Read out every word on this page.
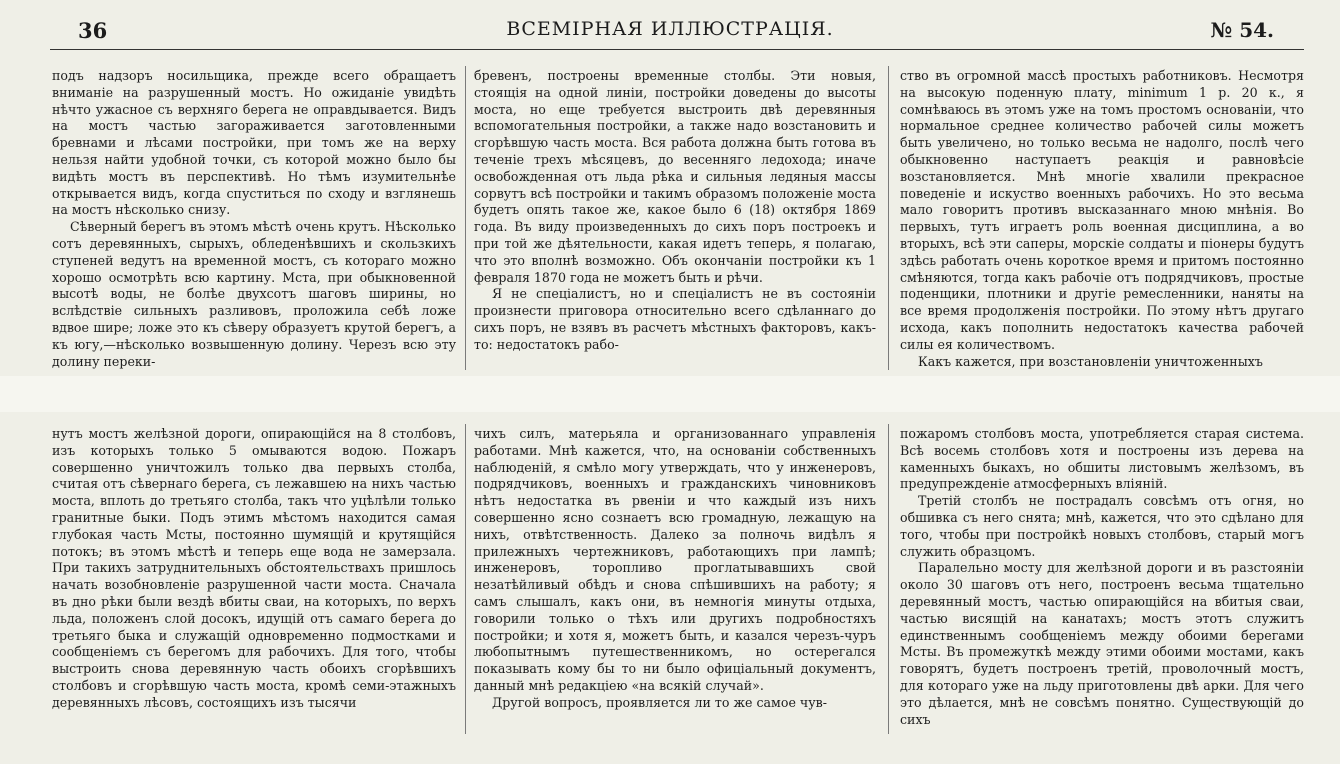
36	ВСЕМIРНАЯ ИЛЛЮСТРАЦIЯ.	№ 54.

подъ надзоръ носильщика, прежде всего обращаетъ вниманiе на разрушенный мостъ. Но ожиданiе увидѣть нѣчто ужасное съ верхняго берега не оправдывается. Видъ на мостъ частью загораживается заготовленными бревнами и лѣсами постройки, при томъ же на верху нельзя найти удобной точки, съ которой можно было бы видѣть мостъ въ перспективѣ. Но тѣмъ изумительнѣе открывается видъ, когда спуститься по сходу и взглянешь на мостъ нѣсколько снизу.

Сѣверный берегъ въ этомъ мѣстѣ очень крутъ. Нѣсколько сотъ деревянныхъ, сырыхъ, обледенѣвшихъ и скользкихъ ступеней ведутъ на временной мостъ, съ котораго можно хорошо осмотрѣть всю картину. Мста, при обыкновенной высотѣ воды, не болѣе двухсотъ шаговъ ширины, но вслѣдствiе сильныхъ разливовъ, проложила себѣ ложе вдвое шире; ложе это къ сѣверу образуетъ крутой берегъ, а къ югу,—нѣсколько возвышенную долину. Черезъ всю эту долину переки-

бревенъ, построены временные столбы. Эти новыя, стоящiя на одной линiи, постройки доведены до высоты моста, но еще требуется выстроить двѣ деревянныя вспомогательныя постройки, а также надо возстановить и сгорѣвшую часть моста. Вся работа должна быть готова въ теченiе трехъ мѣсяцевъ, до весенняго ледохода; иначе освобожденная отъ льда рѣка и сильныя ледяныя массы сорвутъ всѣ постройки и такимъ образомъ положенiе моста будетъ опять такое же, какое было 6 (18) октября 1869 года. Въ виду произведенныхъ до сихъ поръ построекъ и при той же дѣятельности, какая идетъ теперь, я полагаю, что это вполнѣ возможно. Объ окончанiи постройки къ 1 февраля 1870 года не можетъ быть и рѣчи.

Я не спецiалистъ, но и спецiалистъ не въ состоянiи произнести приговора относительно всего сдѣланнаго до сихъ поръ, не взявъ въ расчетъ мѣстныхъ факторовъ, какъ-то: недостатокъ рабо-

ство въ огромной массѣ простыхъ работниковъ. Несмотря на высокую поденную плату, minimum 1 р. 20 к., я сомнѣваюсь въ этомъ уже на томъ простомъ основанiи, что нормальное среднее количество рабочей силы можетъ быть увеличено, но только весьма не надолго, послѣ чего обыкновенно наступаетъ реакцiя и равновѣсiе возстановляется. Мнѣ многiе хвалили прекрасное поведенiе и искуство военныхъ рабочихъ. Но это весьма мало говоритъ противъ высказаннаго мною мнѣнiя. Во первыхъ, тутъ играетъ роль военная дисциплина, а во вторыхъ, всѣ эти саперы, морскiе солдаты и пiонеры будутъ здѣсь работать очень короткое время и притомъ постоянно смѣняются, тогда какъ рабочiе отъ подрядчиковъ, простые поденщики, плотники и другiе ремесленники, наняты на все время продолженiя постройки. По этому нѣтъ другаго исхода, какъ пополнить недостатокъ качества рабочей силы ея количествомъ.

Какъ кажется, при возстановленiи уничтоженныхъ

нутъ мостъ желѣзной дороги, опирающiйся на 8 столбовъ, изъ которыхъ только 5 омываются водою. Пожаръ совершенно уничтожилъ только два первыхъ столба, считая отъ сѣвернаго берега, съ лежавшею на нихъ частью моста, вплоть до третьяго столба, такъ что уцѣлѣли только гранитные быки. Подъ этимъ мѣстомъ находится самая глубокая часть Мсты, постоянно шумящiй и крутящiйся потокъ; въ этомъ мѣстѣ и теперь еще вода не замерзала. При такихъ затруднительныхъ обстоятельствахъ пришлось начать возобновленiе разрушенной части моста. Сначала въ дно рѣки были вездѣ вбиты сваи, на которыхъ, по верхъ льда, положенъ слой досокъ, идущiй отъ самаго берега до третьяго быка и служащiй одновременно подмостками и сообщенiемъ съ берегомъ для рабочихъ. Для того, чтобы выстроить снова деревянную часть обоихъ сгорѣвшихъ столбовъ и сгорѣвшую часть моста, кромѣ семи-этажныхъ деревянныхъ лѣсовъ, состоящихъ изъ тысячи

чихъ силъ, матерьяла и организованнаго управленiя работами. Мнѣ кажется, что, на основанiи собственныхъ наблюденiй, я смѣло могу утверждать, что у инженеровъ, подрядчиковъ, военныхъ и гражданскихъ чиновниковъ нѣтъ недостатка въ рвенiи и что каждый изъ нихъ совершенно ясно сознаетъ всю громадную, лежащую на нихъ, отвѣтственность. Далеко за полночь видѣлъ я прилежныхъ чертежниковъ, работающихъ при лампѣ; инженеровъ, торопливо проглатывавшихъ свой незатѣйливый обѣдъ и снова спѣшившихъ на работу; я самъ слышалъ, какъ они, въ немногiя минуты отдыха, говорили только о тѣхъ или другихъ подробностяхъ постройки; и хотя я, можетъ быть, и казался черезъ-чуръ любопытнымъ путешественникомъ, но остерегался показывать кому бы то ни было офицiальный документъ, данный мнѣ редакцiею «на всякiй случай».

Другой вопросъ, проявляется ли то же самое чув-

пожаромъ столбовъ моста, употребляется старая система. Всѣ восемь столбовъ хотя и построены изъ дерева на каменныхъ быкахъ, но обшиты листовымъ желѣзомъ, въ предупрежденiе атмосферныхъ влiянiй.

Третiй столбъ не пострадалъ совсѣмъ отъ огня, но обшивка съ него снята; мнѣ, кажется, что это сдѣлано для того, чтобы при постройкѣ новыхъ столбовъ, старый могъ служить образцомъ.

Паралельно мосту для желѣзной дороги и въ разстоянiи около 30 шаговъ отъ него, построенъ весьма тщательно деревянный мостъ, частью опирающiйся на вбитыя сваи, частью висящiй на канатахъ; мостъ этотъ служитъ единственнымъ сообщенiемъ между обоими берегами Мсты. Въ промежуткѣ между этими обоими мостами, какъ говорятъ, будетъ построенъ третiй, проволочный мостъ, для котораго уже на льду приготовлены двѣ арки. Для чего это дѣлается, мнѣ не совсѣмъ понятно. Существующiй до сихъ
